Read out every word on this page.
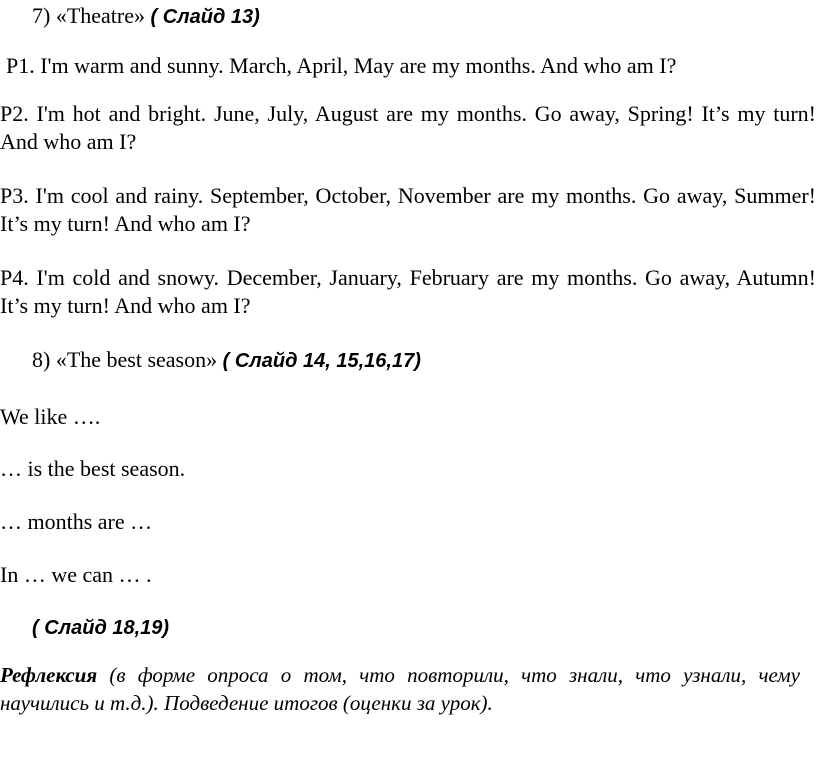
7) «Theatre» ( Слайд 13)
P1. I'm warm and sunny. March, April, May are my months. And who am I?
P2. I'm hot and bright. June, July, August are my months. Go away, Spring! It’s my turn! And who am I?
P3. I'm cool and rainy. September, October, November are my months. Go away, Summer! It’s my turn! And who am I?
P4. I'm cold and snowy. December, January, February are my months. Go away, Autumn! It’s my turn! And who am I?
8) «The best season» ( Слайд 14, 15,16,17)
We like ….
… is the best season.
… months are …
In … we can … .
( Слайд 18,19)
Рефлексия (в форме опроса о том, что повторили, что знали, что узнали, чему научились и т.д.). Подведение итогов (оценки за урок).
